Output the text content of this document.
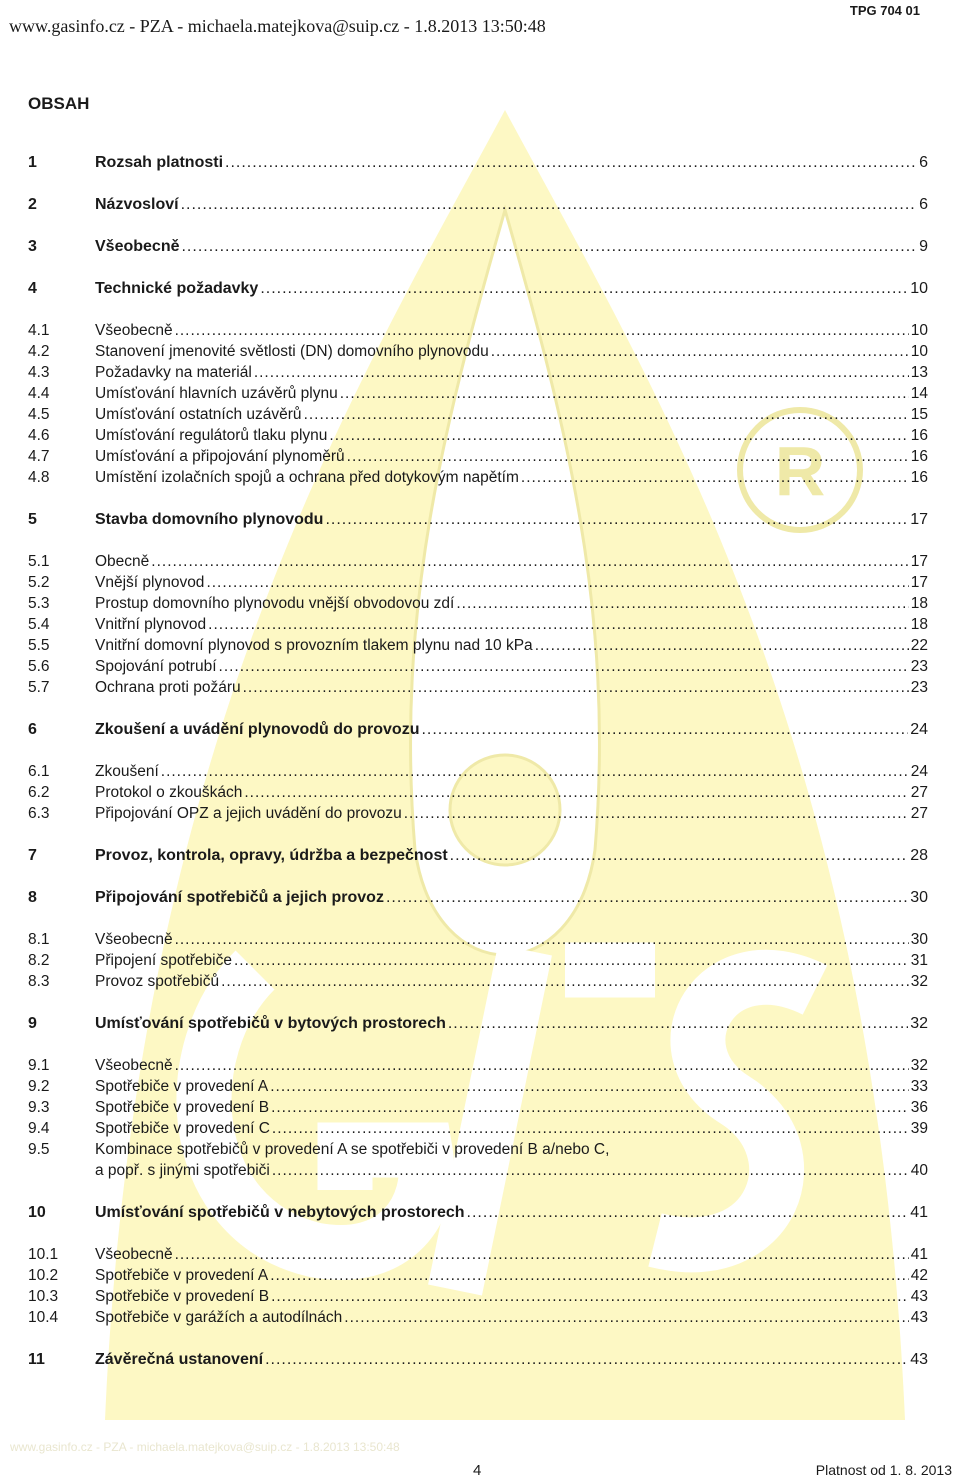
R
TPG 704 01
www.gasinfo.cz - PZA - michaela.matejkova@suip.cz - 1.8.2013 13:50:48
OBSAH
1	Rozsah platnosti .....	6
2	Názvosloví .....	6
3	Všeobecně .....	9
4	Technické požadavky .....	10
4.1	Všeobecně .....	10
4.2	Stanovení jmenovité světlosti (DN) domovního plynovodu .....	10
4.3	Požadavky na materiál .....	13
4.4	Umísťování hlavních uzávěrů plynu .....	14
4.5	Umísťování ostatních uzávěrů .....	15
4.6	Umísťování regulátorů tlaku plynu .....	16
4.7	Umísťování a připojování plynoměrů .....	16
4.8	Umístění izolačních spojů a ochrana před dotykovým napětím .....	16
5	Stavba domovního plynovodu .....	17
5.1	Obecně .....	17
5.2	Vnější plynovod .....	17
5.3	Prostup domovního plynovodu vnější obvodovou zdí .....	18
5.4	Vnitřní plynovod .....	18
5.5	Vnitřní domovní plynovod s provozním tlakem plynu nad 10 kPa .....	22
5.6	Spojování potrubí .....	23
5.7	Ochrana proti požáru .....	23
6	Zkoušení a uvádění plynovodů do provozu .....	24
6.1	Zkoušení .....	24
6.2	Protokol o zkouškách .....	27
6.3	Připojování OPZ a jejich uvádění do provozu .....	27
7	Provoz, kontrola, opravy, údržba a bezpečnost .....	28
8	Připojování spotřebičů a jejich provoz .....	30
8.1	Všeobecně .....	30
8.2	Připojení spotřebiče .....	31
8.3	Provoz spotřebičů .....	32
9	Umísťování spotřebičů v bytových prostorech .....	32
9.1	Všeobecně .....	32
9.2	Spotřebiče v provedení A .....	33
9.3	Spotřebiče v provedení B .....	36
9.4	Spotřebiče v provedení C .....	39
9.5	Kombinace spotřebičů v provedení A se spotřebiči v provedení B a/nebo C,
a popř. s jinými spotřebiči .....	40
10	Umísťování spotřebičů v nebytových prostorech .....	41
10.1	Všeobecně .....	41
10.2	Spotřebiče v provedení A .....	42
10.3	Spotřebiče v provedení B .....	43
10.4	Spotřebiče v garážích a autodílnách .....	43
11	Závěrečná ustanovení .....	43
www.gasinfo.cz - PZA - michaela.matejkova@suip.cz - 1.8.2013 13:50:48
4	Platnost od 1. 8. 2013
